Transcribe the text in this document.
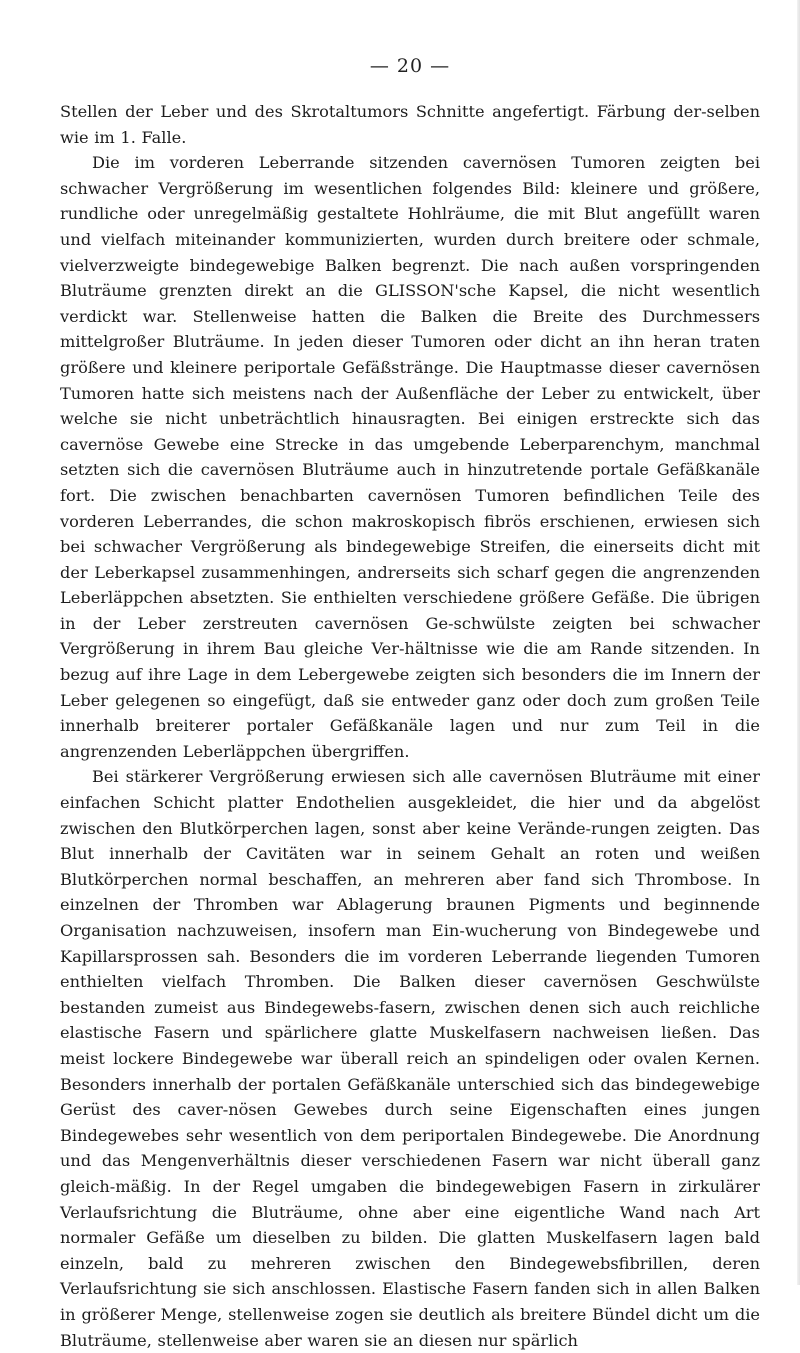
— 20 —

Stellen der Leber und des Skrotaltumors Schnitte angefertigt. Färbung der-selben wie im 1. Falle.

Die im vorderen Leberrande sitzenden cavernösen Tumoren zeigten bei schwacher Vergrößerung im wesentlichen folgendes Bild: kleinere und größere, rundliche oder unregelmäßig gestaltete Hohlräume, die mit Blut angefüllt waren und vielfach miteinander kommunizierten, wurden durch breitere oder schmale, vielverzweigte bindegewebige Balken begrenzt. Die nach außen vorspringenden Bluträume grenzten direkt an die GLISSON'sche Kapsel, die nicht wesentlich verdickt war. Stellenweise hatten die Balken die Breite des Durchmessers mittelgroßer Bluträume. In jeden dieser Tumoren oder dicht an ihn heran traten größere und kleinere periportale Gefäßstränge. Die Hauptmasse dieser cavernösen Tumoren hatte sich meistens nach der Außenfläche der Leber zu entwickelt, über welche sie nicht unbeträchtlich hinausragten. Bei einigen erstreckte sich das cavernöse Gewebe eine Strecke in das umgebende Leberparenchym, manchmal setzten sich die cavernösen Bluträume auch in hinzutretende portale Gefäßkanäle fort. Die zwischen benachbarten cavernösen Tumoren befindlichen Teile des vorderen Leberrandes, die schon makroskopisch fibrös erschienen, erwiesen sich bei schwacher Vergrößerung als bindegewebige Streifen, die einerseits dicht mit der Leberkapsel zusammenhingen, andrerseits sich scharf gegen die angrenzenden Leberläppchen absetzten. Sie enthielten verschiedene größere Gefäße. Die übrigen in der Leber zerstreuten cavernösen Ge-schwülste zeigten bei schwacher Vergrößerung in ihrem Bau gleiche Ver-hältnisse wie die am Rande sitzenden. In bezug auf ihre Lage in dem Lebergewebe zeigten sich besonders die im Innern der Leber gelegenen so eingefügt, daß sie entweder ganz oder doch zum großen Teile innerhalb breiterer portaler Gefäßkanäle lagen und nur zum Teil in die angrenzenden Leberläppchen übergriffen.

Bei stärkerer Vergrößerung erwiesen sich alle cavernösen Bluträume mit einer einfachen Schicht platter Endothelien ausgekleidet, die hier und da abgelöst zwischen den Blutkörperchen lagen, sonst aber keine Verände-rungen zeigten. Das Blut innerhalb der Cavitäten war in seinem Gehalt an roten und weißen Blutkörperchen normal beschaffen, an mehreren aber fand sich Thrombose. In einzelnen der Thromben war Ablagerung braunen Pigments und beginnende Organisation nachzuweisen, insofern man Ein-wucherung von Bindegewebe und Kapillarsprossen sah. Besonders die im vorderen Leberrande liegenden Tumoren enthielten vielfach Thromben. Die Balken dieser cavernösen Geschwülste bestanden zumeist aus Bindegewebs-fasern, zwischen denen sich auch reichliche elastische Fasern und spärlichere glatte Muskelfasern nachweisen ließen. Das meist lockere Bindegewebe war überall reich an spindeligen oder ovalen Kernen. Besonders innerhalb der portalen Gefäßkanäle unterschied sich das bindegewebige Gerüst des caver-nösen Gewebes durch seine Eigenschaften eines jungen Bindegewebes sehr wesentlich von dem periportalen Bindegewebe. Die Anordnung und das Mengenverhältnis dieser verschiedenen Fasern war nicht überall ganz gleich-mäßig. In der Regel umgaben die bindegewebigen Fasern in zirkulärer Verlaufsrichtung die Bluträume, ohne aber eine eigentliche Wand nach Art normaler Gefäße um dieselben zu bilden. Die glatten Muskelfasern lagen bald einzeln, bald zu mehreren zwischen den Bindegewebsfibrillen, deren Verlaufsrichtung sie sich anschlossen. Elastische Fasern fanden sich in allen Balken in größerer Menge, stellenweise zogen sie deutlich als breitere Bündel dicht um die Bluträume, stellenweise aber waren sie an diesen nur spärlich
